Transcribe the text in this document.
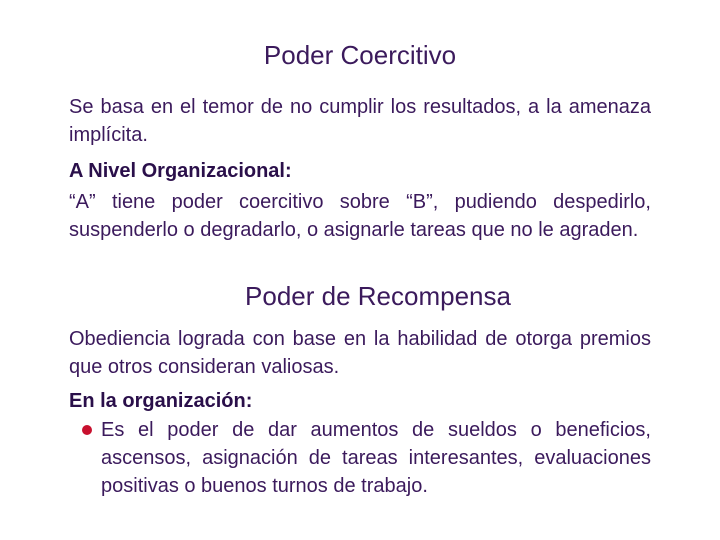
Poder Coercitivo

Se basa en el temor de no cumplir los resultados, a la amenaza implícita.

A Nivel Organizacional:

“A” tiene poder coercitivo sobre “B”, pudiendo despedirlo, suspenderlo o degradarlo, o asignarle tareas que no le agraden.

Poder de Recompensa

Obediencia lograda con base en la habilidad de otorga premios que otros consideran valiosas.

En la organización:
Es el poder de dar aumentos de sueldos o beneficios, ascensos, asignación de tareas interesantes, evaluaciones positivas o buenos turnos de trabajo.
